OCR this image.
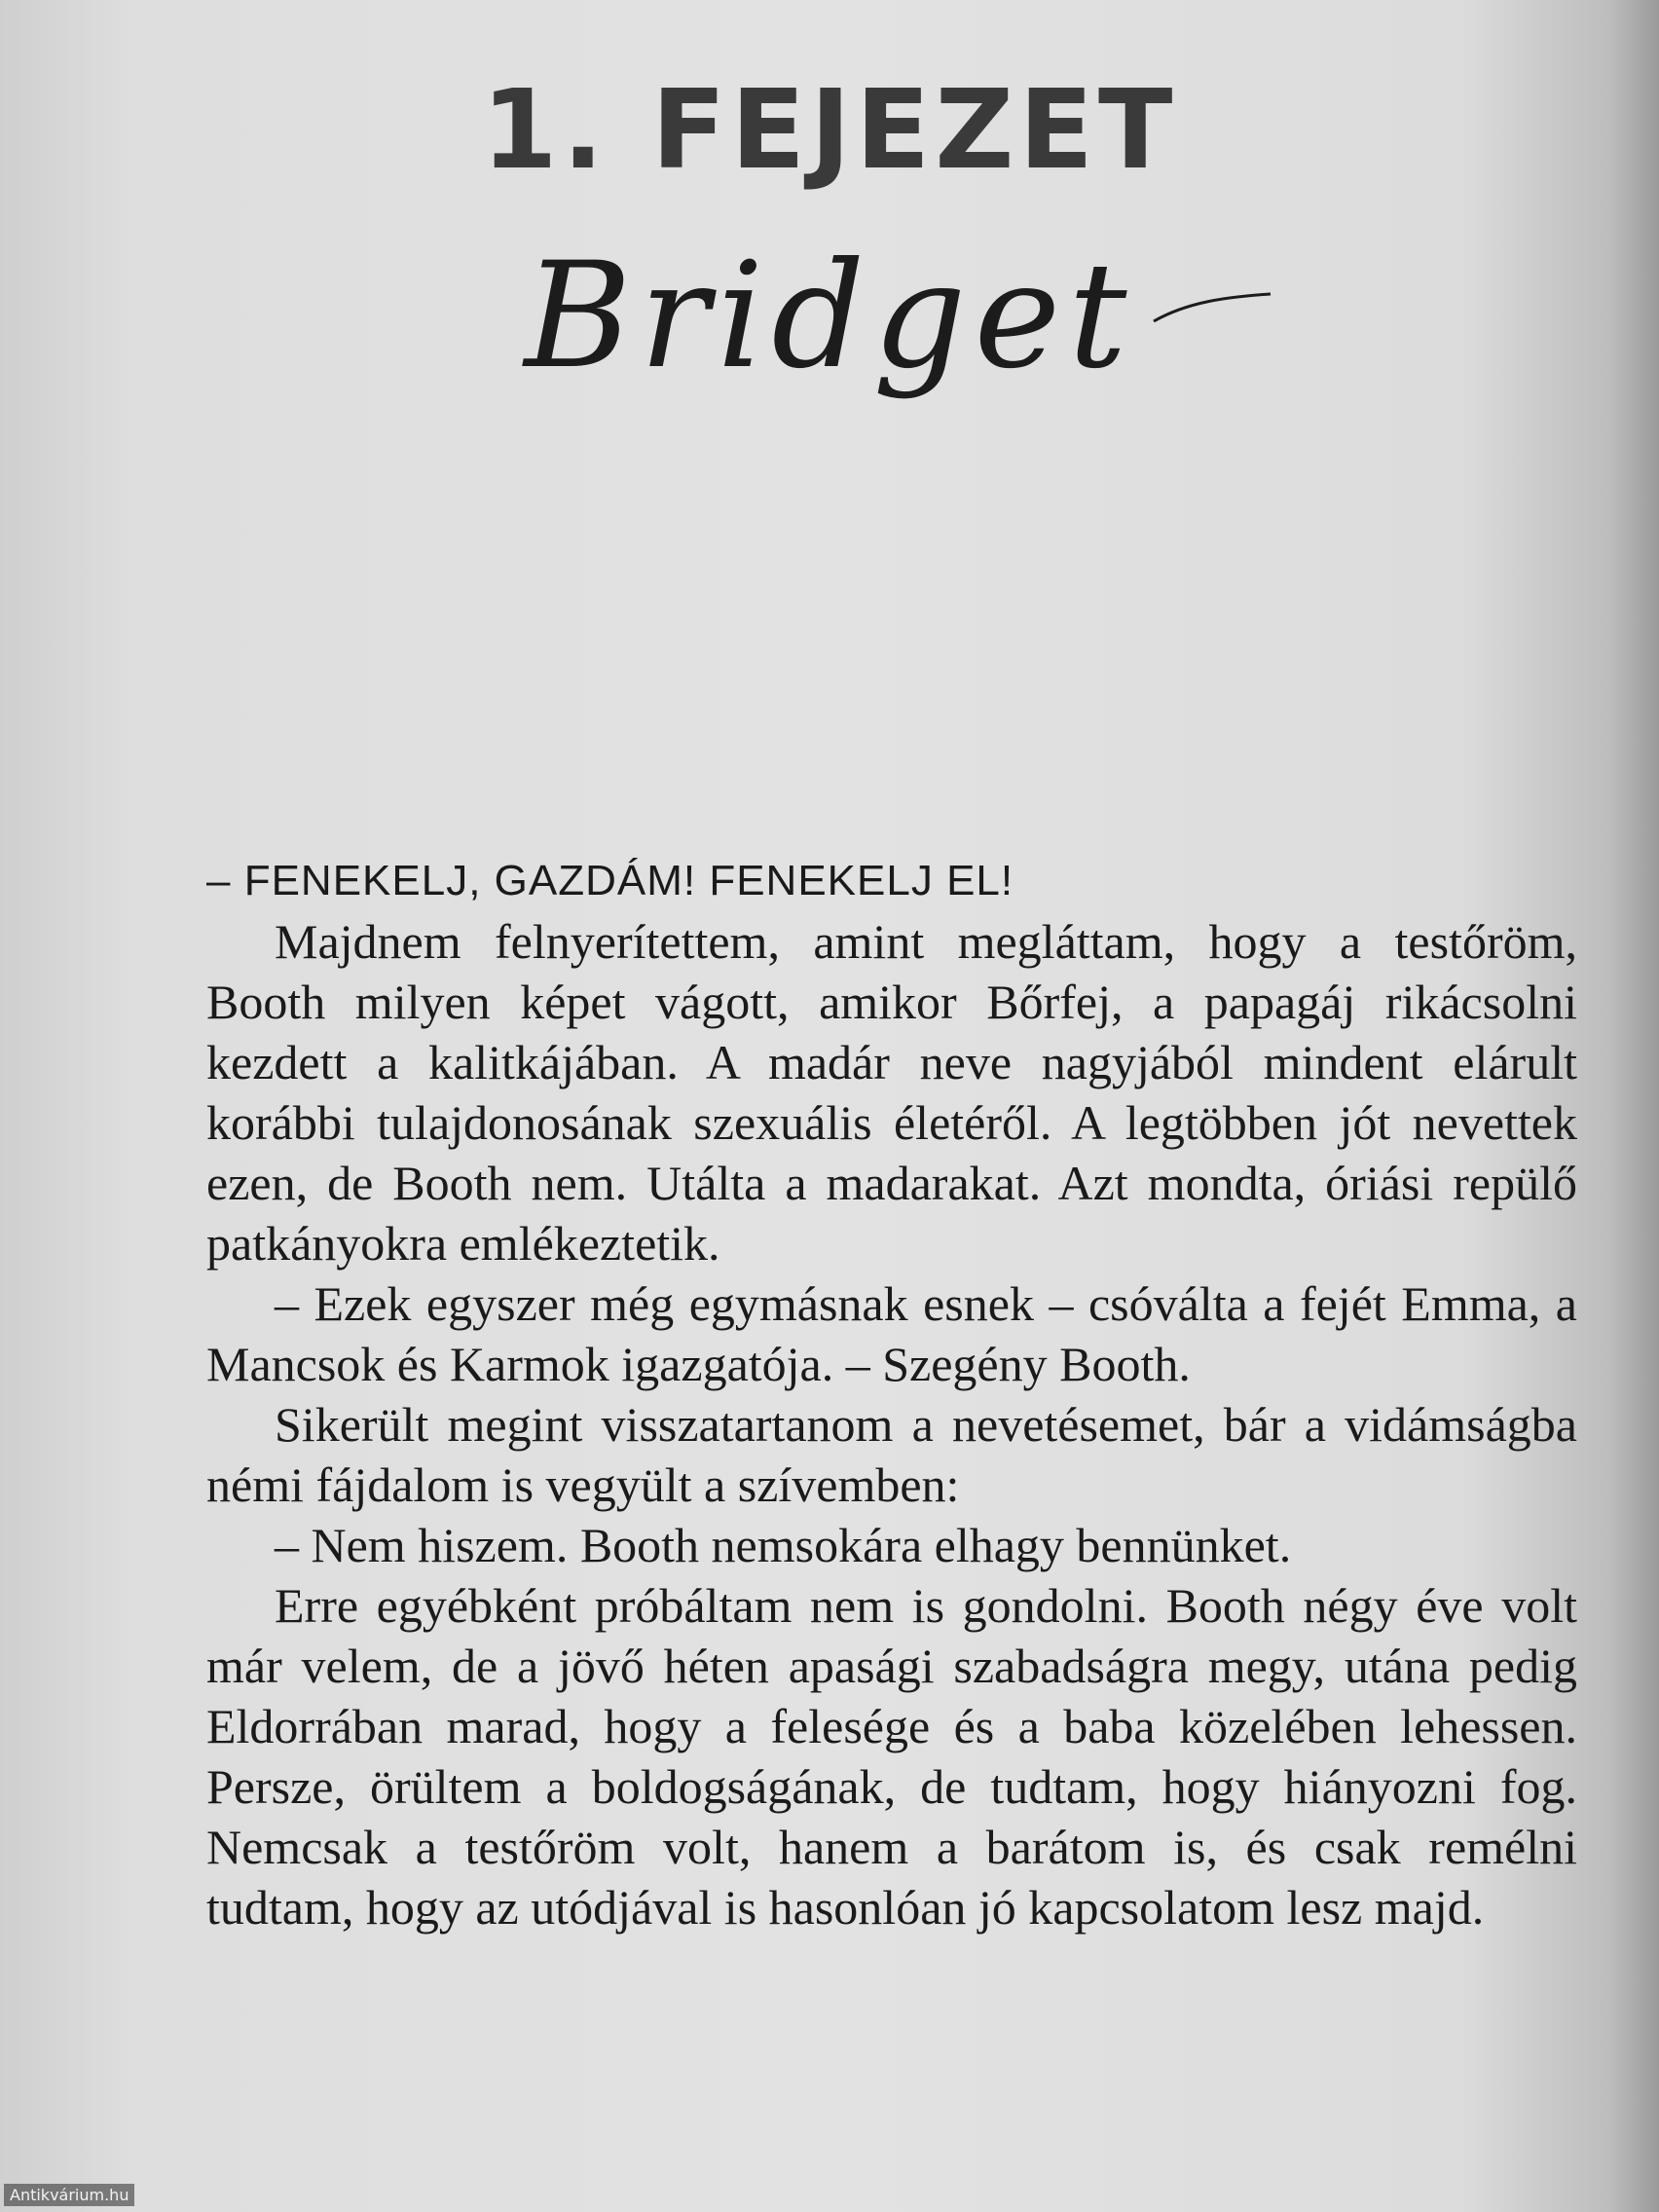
1. FEJEZET
Bridget

– FENEKELJ, GAZDÁM! FENEKELJ EL!

Majdnem felnyerítettem, amint megláttam, hogy a testőröm, Booth milyen képet vágott, amikor Bőrfej, a papagáj rikácsolni kezdett a kalitkájában. A madár neve nagyjából mindent elárult korábbi tulajdonosának szexuális életéről. A legtöbben jót nevettek ezen, de Booth nem. Utálta a madarakat. Azt mondta, óriási repülő patkányokra emlékeztetik.

– Ezek egyszer még egymásnak esnek – csóválta a fejét Emma, a Mancsok és Karmok igazgatója. – Szegény Booth.

Sikerült megint visszatartanom a nevetésemet, bár a vidámságba némi fájdalom is vegyült a szívemben:

– Nem hiszem. Booth nemsokára elhagy bennünket.

Erre egyébként próbáltam nem is gondolni. Booth négy éve volt már velem, de a jövő héten apasági szabadságra megy, utána pedig Eldorrában marad, hogy a felesége és a baba közelében lehessen. Persze, örültem a boldogságának, de tudtam, hogy hiányozni fog. Nemcsak a testőröm volt, hanem a barátom is, és csak remélni tudtam, hogy az utódjával is hasonlóan jó kapcsolatom lesz majd.

Antikvárium.hu
